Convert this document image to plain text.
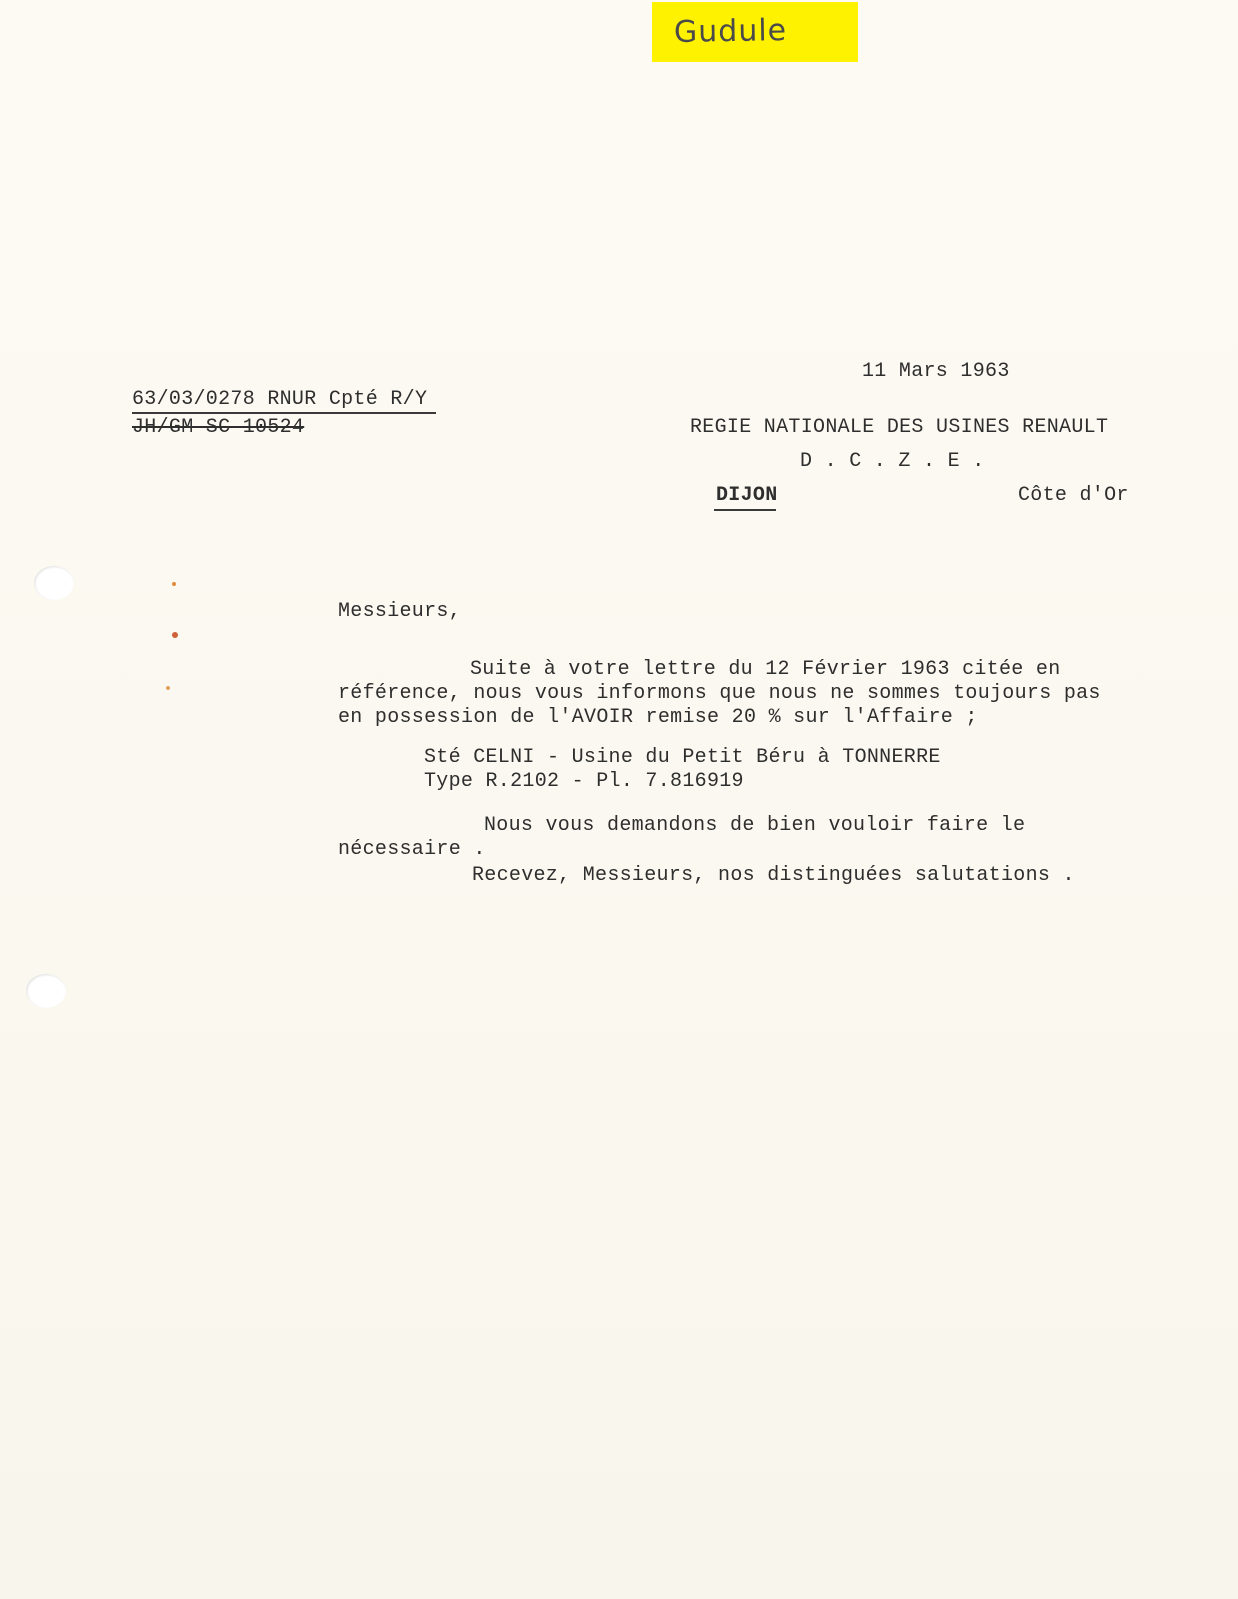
Gudule
11 Mars 1963
63/03/0278 RNUR Cpté R/Y
JH/GM SC 10524	REGIE NATIONALE DES USINES RENAULT
D . C . Z . E .
DIJON	Côte d'Or
Messieurs,
Suite à votre lettre du 12 Février 1963 citée en
référence, nous vous informons que nous ne sommes toujours pas
en possession de l'AVOIR remise 20 % sur l'Affaire ;
Sté CELNI - Usine du Petit Béru à TONNERRE
Type R.2102 - Pl. 7.816919
Nous vous demandons de bien vouloir faire le
nécessaire .
Recevez, Messieurs, nos distinguées salutations .
